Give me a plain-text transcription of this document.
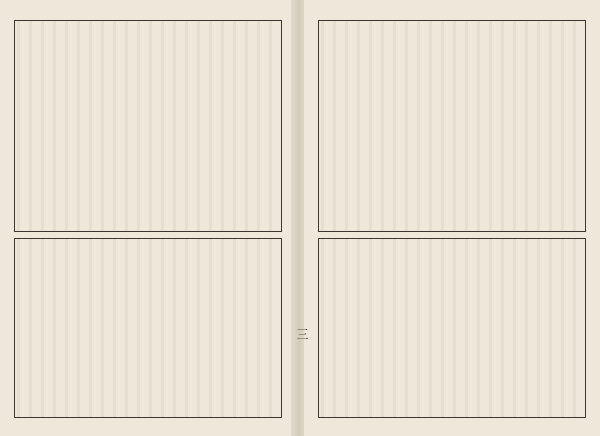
三
